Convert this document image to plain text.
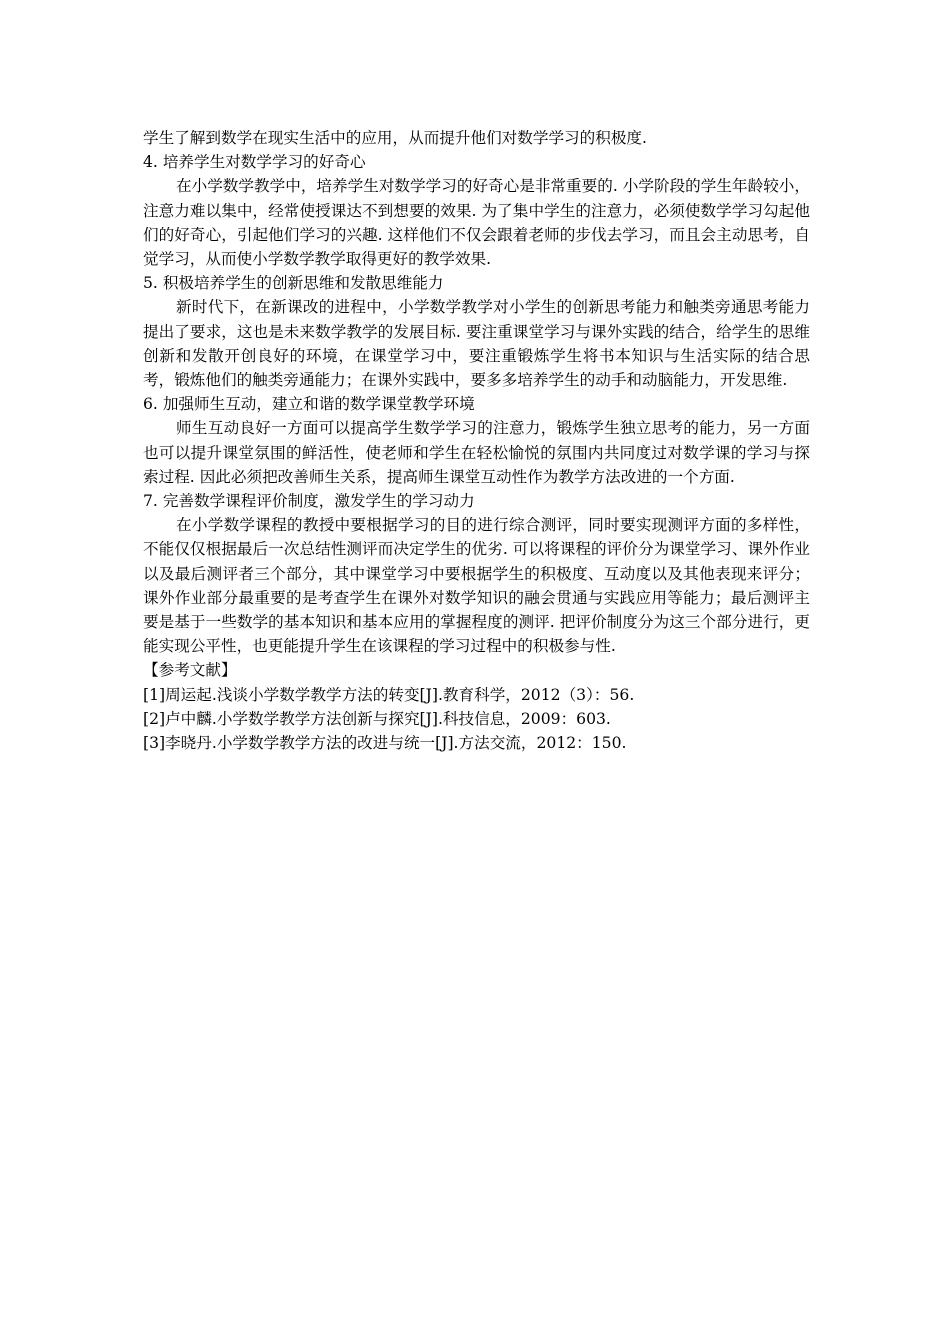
学生了解到数学在现实生活中的应用，从而提升他们对数学学习的积极度.

4. 培养学生对数学学习的好奇心

在小学数学教学中，培养学生对数学学习的好奇心是非常重要的. 小学阶段的学生年龄较小，注意力难以集中，经常使授课达不到想要的效果. 为了集中学生的注意力，必须使数学学习勾起他们的好奇心，引起他们学习的兴趣. 这样他们不仅会跟着老师的步伐去学习，而且会主动思考，自觉学习，从而使小学数学教学取得更好的教学效果.

5. 积极培养学生的创新思维和发散思维能力

新时代下，在新课改的进程中，小学数学教学对小学生的创新思考能力和触类旁通思考能力提出了要求，这也是未来数学教学的发展目标. 要注重课堂学习与课外实践的结合，给学生的思维创新和发散开创良好的环境，在课堂学习中，要注重锻炼学生将书本知识与生活实际的结合思考，锻炼他们的触类旁通能力；在课外实践中，要多多培养学生的动手和动脑能力，开发思维.

6. 加强师生互动，建立和谐的数学课堂教学环境

师生互动良好一方面可以提高学生数学学习的注意力，锻炼学生独立思考的能力，另一方面也可以提升课堂氛围的鲜活性，使老师和学生在轻松愉悦的氛围内共同度过对数学课的学习与探索过程. 因此必须把改善师生关系，提高师生课堂互动性作为教学方法改进的一个方面.

7. 完善数学课程评价制度，激发学生的学习动力

在小学数学课程的教授中要根据学习的目的进行综合测评，同时要实现测评方面的多样性，不能仅仅根据最后一次总结性测评而决定学生的优劣. 可以将课程的评价分为课堂学习、课外作业以及最后测评者三个部分，其中课堂学习中要根据学生的积极度、互动度以及其他表现来评分；课外作业部分最重要的是考查学生在课外对数学知识的融会贯通与实践应用等能力；最后测评主要是基于一些数学的基本知识和基本应用的掌握程度的测评. 把评价制度分为这三个部分进行，更能实现公平性，也更能提升学生在该课程的学习过程中的积极参与性.

【参考文献】

[1]周运起.浅谈小学数学教学方法的转变[J].教育科学，2012（3）：56.

[2]卢中麟.小学数学教学方法创新与探究[J].科技信息，2009：603.

[3]李晓丹.小学数学教学方法的改进与统一[J].方法交流，2012：150.
